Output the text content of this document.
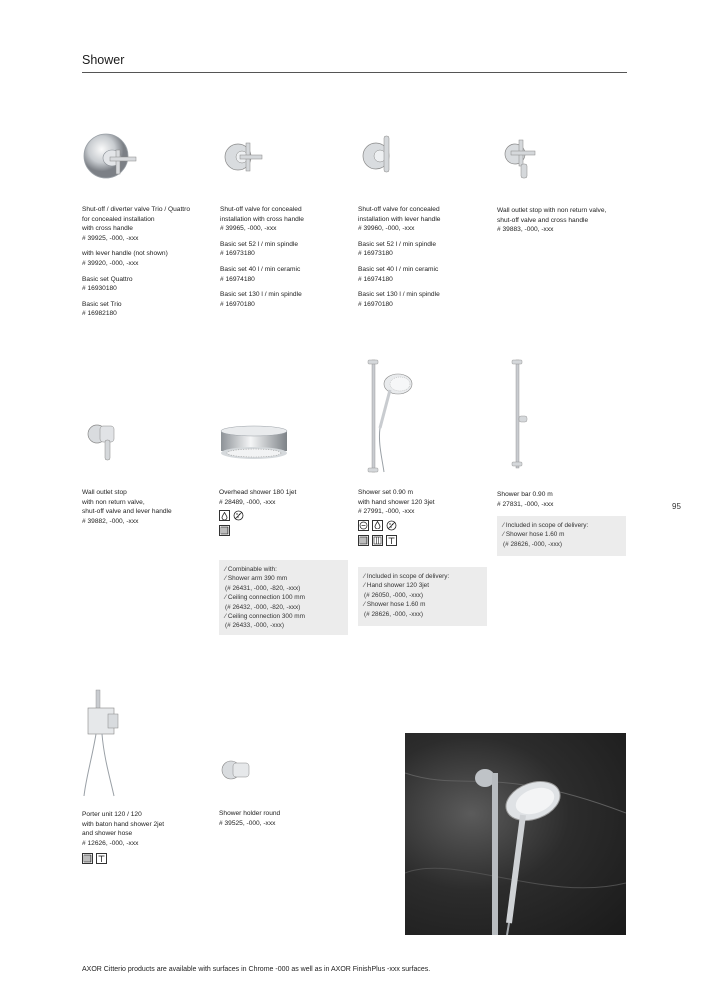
Shower
95
Shut-off / diverter valve Trio / Quattro
for concealed installation
with cross handle
# 39925, -000, -xxx
with lever handle (not shown)
# 39920, -000, -xxx
Basic set Quattro
# 16930180
Basic set Trio
# 16982180
Shut-off valve for concealed
installation with cross handle
# 39965, -000, -xxx
Basic set 52 l / min spindle
# 16973180
Basic set 40 l / min ceramic
# 16974180
Basic set 130 l / min spindle
# 16970180
Shut-off valve for concealed
installation with lever handle
# 39960, -000, -xxx
Basic set 52 l / min spindle
# 16973180
Basic set 40 l / min ceramic
# 16974180
Basic set 130 l / min spindle
# 16970180
Wall outlet stop with non return valve,
shut-off valve and cross handle
# 39883, -000, -xxx
Wall outlet stop
with non return valve,
shut-off valve and lever handle
# 39882, -000, -xxx
Overhead shower 180 1jet
# 28489, -000, -xxx
⁄ Combinable with:
⁄ Shower arm 390 mm
(# 26431, -000, -820, -xxx)
⁄ Ceiling connection 100 mm
(# 26432, -000, -820, -xxx)
⁄ Ceiling connection 300 mm
(# 26433, -000, -xxx)
Shower set 0.90 m
with hand shower 120 3jet
# 27991, -000, -xxx
⁄ Included in scope of delivery:
⁄ Hand shower 120 3jet
(# 26050, -000, -xxx)
⁄ Shower hose 1.60 m
(# 28626, -000, -xxx)
Shower bar 0.90 m
# 27831, -000, -xxx
⁄ Included in scope of delivery:
⁄ Shower hose 1.60 m
(# 28626, -000, -xxx)
Porter unit 120 / 120
with baton hand shower 2jet
and shower hose
# 12626, -000, -xxx
Shower holder round
# 39525, -000, -xxx
AXOR Citterio products are available with surfaces in Chrome -000 as well as in AXOR FinishPlus -xxx surfaces.
